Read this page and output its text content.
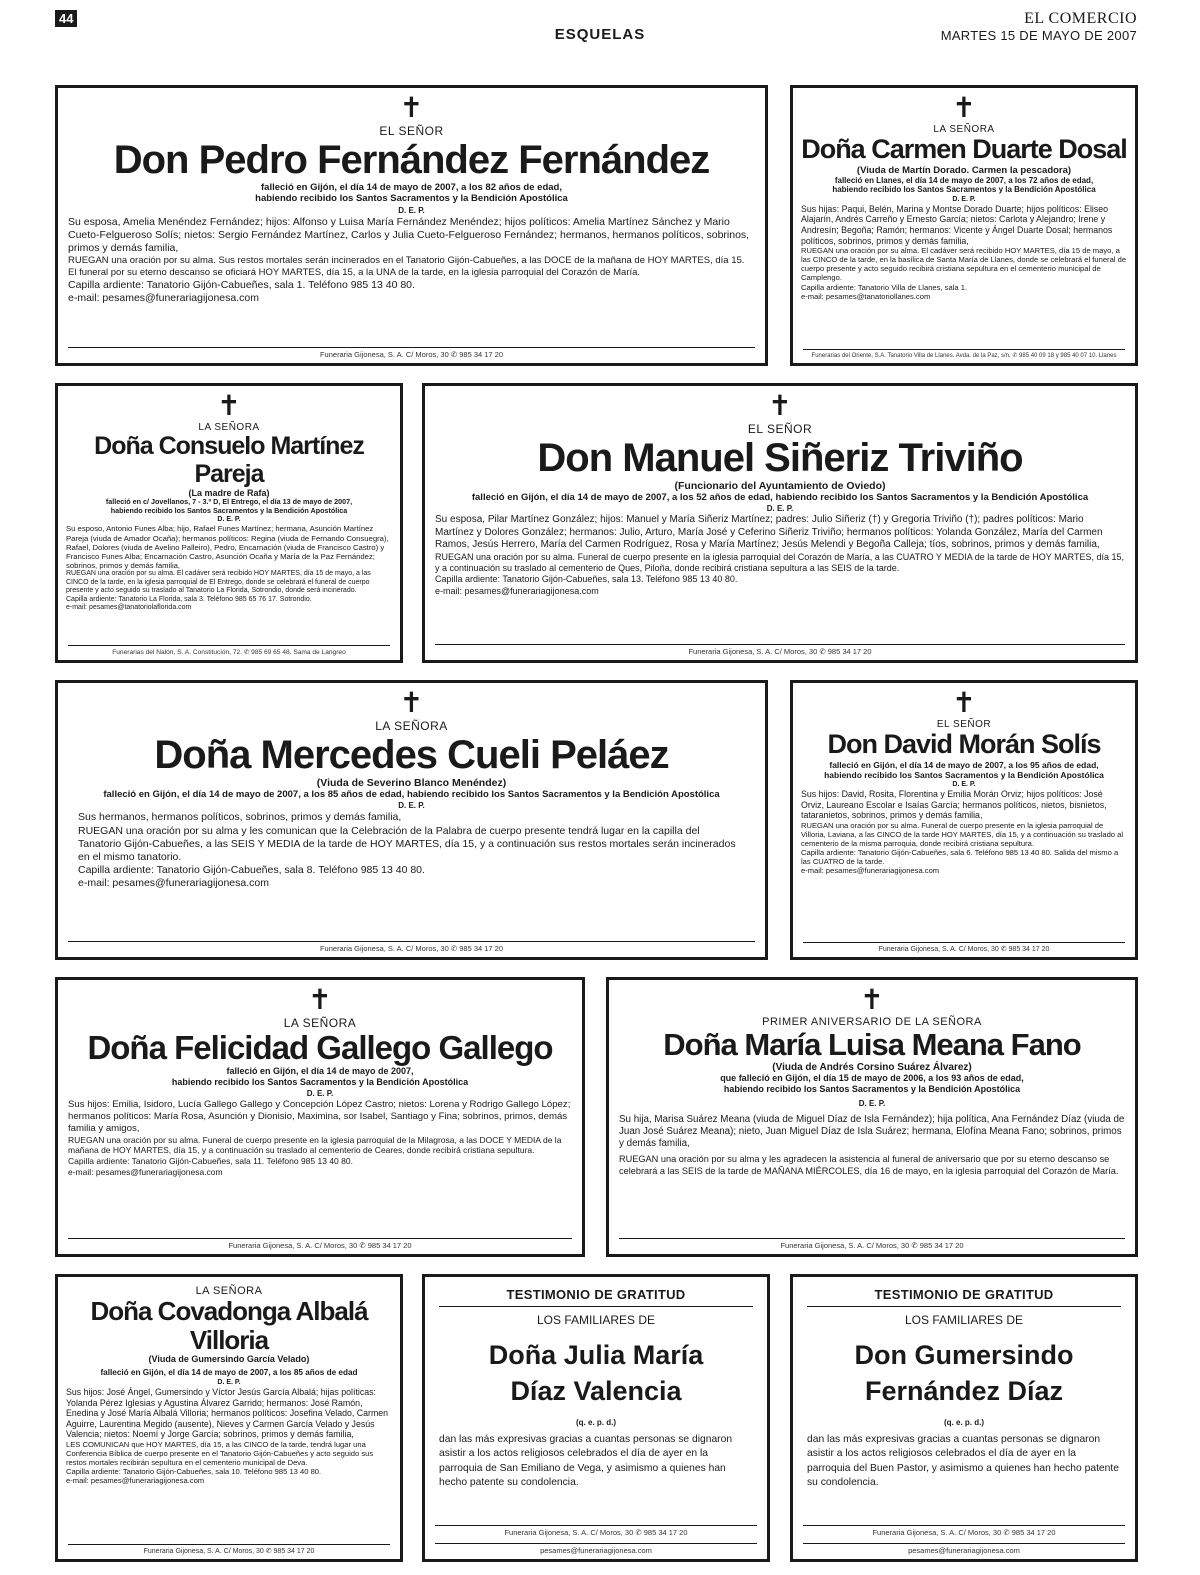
44
ESQUELAS
EL COMERCIO
MARTES 15 DE MAYO DE 2007
✝
EL SEÑOR
Don Pedro Fernández Fernández
falleció en Gijón, el día 14 de mayo de 2007, a los 82 años de edad,
habiendo recibido los Santos Sacramentos y la Bendición Apostólica
D. E. P.

Su esposa, Amelia Menéndez Fernández; hijos: Alfonso y Luisa María Fernández Menéndez; hijos políticos: Amelia Martínez Sánchez y Mario Cueto-Felgueroso Solís; nietos: Sergio Fernández Martínez, Carlos y Julia Cueto-Felgueroso Fernández; hermanos, hermanos políticos, sobrinos, primos y demás familia,

RUEGAN una oración por su alma. Sus restos mortales serán incinerados en el Tanatorio Gijón-Cabueñes, a las DOCE de la mañana de HOY MARTES, día 15. El funeral por su eterno descanso se oficiará HOY MARTES, día 15, a la UNA de la tarde, en la iglesia parroquial del Corazón de María.

Capilla ardiente: Tanatorio Gijón-Cabueñes, sala 1. Teléfono 985 13 40 80.

e-mail: pesames@funerariagijonesa.com

Funeraria Gijonesa, S. A. C/ Moros, 30 ✆ 985 34 17 20
✝
LA SEÑORA
Doña Carmen Duarte Dosal
(Viuda de Martín Dorado. Carmen la pescadora)
falleció en Llanes, el día 14 de mayo de 2007, a los 72 años de edad,
habiendo recibido los Santos Sacramentos y la Bendición Apostólica
D. E. P.

Sus hijas: Paqui, Belén, Marina y Montse Dorado Duarte; hijos políticos: Eliseo Alajarín, Andrés Carreño y Ernesto García; nietos: Carlota y Alejandro; Irene y Andresín; Begoña; Ramón; hermanos: Vicente y Ángel Duarte Dosal; hermanos políticos, sobrinos, primos y demás familia,

RUEGAN una oración por su alma. El cadáver será recibido HOY MARTES, día 15 de mayo, a las CINCO de la tarde, en la basílica de Santa María de Llanes, donde se celebrará el funeral de cuerpo presente y acto seguido recibirá cristiana sepultura en el cementerio municipal de Camplengo.

Capilla ardiente: Tanatorio Villa de Llanes, sala 1.

e-mail: pesames@tanatoriollanes.com

Funerarias del Oriente, S.A. Tanatorio Villa de Llanes. Avda. de la Paz, s/n. ✆ 985 40 09 18 y 985 40 07 10. Llanes
✝
LA SEÑORA
Doña Consuelo Martínez Pareja
(La madre de Rafa)
falleció en c/ Jovellanos, 7 - 3.º D, El Entrego, el día 13 de mayo de 2007,
habiendo recibido los Santos Sacramentos y la Bendición Apostólica
D. E. P.

Su esposo, Antonio Funes Alba; hijo, Rafael Funes Martínez; hermana, Asunción Martínez Pareja (viuda de Amador Ocaña); hermanos políticos: Regina (viuda de Fernando Consuegra), Rafael, Dolores (viuda de Avelino Palleiro), Pedro, Encarnación (viuda de Francisco Castro) y Francisco Funes Alba; Encarnación Castro, Asunción Ocaña y María de la Paz Fernández; sobrinos, primos y demás familia,

RUEGAN una oración por su alma. El cadáver será recibido HOY MARTES, día 15 de mayo, a las CINCO de la tarde, en la iglesia parroquial de El Entrego, donde se celebrará el funeral de cuerpo presente y acto seguido su traslado al Tanatorio La Florida, Sotrondio, donde será incinerado.

Capilla ardiente: Tanatorio La Florida, sala 3. Teléfono 985 65 76 17. Sotrondio.

e-mail: pesames@tanatoriolaflorida.com

Funerarias del Nalón, S. A. Constitución, 72. ✆ 985 69 65 48. Sama de Langreo
✝
EL SEÑOR
Don Manuel Siñeriz Triviño
(Funcionario del Ayuntamiento de Oviedo)
falleció en Gijón, el día 14 de mayo de 2007, a los 52 años de edad, habiendo recibido los Santos Sacramentos y la Bendición Apostólica
D. E. P.

Su esposa, Pilar Martínez González; hijos: Manuel y María Siñeriz Martínez; padres: Julio Siñeriz (†) y Gregoria Triviño (†); padres políticos: Mario Martínez y Dolores González; hermanos: Julio, Arturo, María José y Ceferino Siñeriz Triviño; hermanos políticos: Yolanda González, María del Carmen Ramos, Jesús Herrero, María del Carmen Rodríguez, Rosa y María Martínez; Jesús Melendi y Begoña Calleja; tíos, sobrinos, primos y demás familia,

RUEGAN una oración por su alma. Funeral de cuerpo presente en la iglesia parroquial del Corazón de María, a las CUATRO Y MEDIA de la tarde de HOY MARTES, día 15, y a continuación su traslado al cementerio de Ques, Piloña, donde recibirá cristiana sepultura a las SEIS de la tarde.

Capilla ardiente: Tanatorio Gijón-Cabueñes, sala 13. Teléfono 985 13 40 80.

e-mail: pesames@funerariagijonesa.com

Funeraria Gijonesa, S. A. C/ Moros, 30 ✆ 985 34 17 20
✝
LA SEÑORA
Doña Mercedes Cueli Peláez
(Viuda de Severino Blanco Menéndez)
falleció en Gijón, el día 14 de mayo de 2007, a los 85 años de edad, habiendo recibido los Santos Sacramentos y la Bendición Apostólica
D. E. P.

Sus hermanos, hermanos políticos, sobrinos, primos y demás familia,

RUEGAN una oración por su alma y les comunican que la Celebración de la Palabra de cuerpo presente tendrá lugar en la capilla del Tanatorio Gijón-Cabueñes, a las SEIS Y MEDIA de la tarde de HOY MARTES, día 15, y a continuación sus restos mortales serán incinerados en el mismo tanatorio.

Capilla ardiente: Tanatorio Gijón-Cabueñes, sala 8. Teléfono 985 13 40 80.

e-mail: pesames@funerariagijonesa.com

Funeraria Gijonesa, S. A. C/ Moros, 30 ✆ 985 34 17 20
✝
EL SEÑOR
Don David Morán Solís
falleció en Gijón, el día 14 de mayo de 2007, a los 95 años de edad,
habiendo recibido los Santos Sacramentos y la Bendición Apostólica
D. E. P.

Sus hijos: David, Rosita, Florentina y Emilia Morán Orviz; hijos políticos: José Orviz, Laureano Escolar e Isaías García; hermanos políticos, nietos, bisnietos, tataranietos, sobrinos, primos y demás familia,

RUEGAN una oración por su alma. Funeral de cuerpo presente en la iglesia parroquial de Villoria, Laviana, a las CINCO de la tarde HOY MARTES, día 15, y a continuación su traslado al cementerio de la misma parroquia, donde recibirá cristiana sepultura.

Capilla ardiente: Tanatorio Gijón-Cabueñes, sala 6. Teléfono 985 13 40 80. Salida del mismo a las CUATRO de la tarde.

e-mail: pesames@funerariagijonesa.com

Funeraria Gijonesa, S. A. C/ Moros, 30 ✆ 985 34 17 20
✝
LA SEÑORA
Doña Felicidad Gallego Gallego
falleció en Gijón, el día 14 de mayo de 2007,
habiendo recibido los Santos Sacramentos y la Bendición Apostólica
D. E. P.

Sus hijos: Emilia, Isidoro, Lucía Gallego Gallego y Concepción López Castro; nietos: Lorena y Rodrigo Gallego López; hermanos políticos: María Rosa, Asunción y Dionisio, Maximina, sor Isabel, Santiago y Fina; sobrinos, primos, demás familia y amigos,

RUEGAN una oración por su alma. Funeral de cuerpo presente en la iglesia parroquial de la Milagrosa, a las DOCE Y MEDIA de la mañana de HOY MARTES, día 15, y a continuación su traslado al cementerio de Ceares, donde recibirá cristiana sepultura.

Capilla ardiente: Tanatorio Gijón-Cabueñes, sala 11. Teléfono 985 13 40 80.

e-mail: pesames@funerariagijonesa.com

Funeraria Gijonesa, S. A. C/ Moros, 30 ✆ 985 34 17 20
✝
PRIMER ANIVERSARIO DE LA SEÑORA
Doña María Luisa Meana Fano
(Viuda de Andrés Corsino Suárez Álvarez)
que falleció en Gijón, el día 15 de mayo de 2006, a los 93 años de edad,
habiendo recibido los Santos Sacramentos y la Bendición Apostólica
D. E. P.

Su hija, Marisa Suárez Meana (viuda de Miguel Díaz de Isla Fernández); hija política, Ana Fernández Díaz (viuda de Juan José Suárez Meana); nieto, Juan Miguel Díaz de Isla Suárez; hermana, Elofína Meana Fano; sobrinos, primos y demás familia,

RUEGAN una oración por su alma y les agradecen la asistencia al funeral de aniversario que por su eterno descanso se celebrará a las SEIS de la tarde de MAÑANA MIÉRCOLES, día 16 de mayo, en la iglesia parroquial del Corazón de María.

Funeraria Gijonesa, S. A. C/ Moros, 30 ✆ 985 34 17 20
LA SEÑORA
Doña Covadonga Albalá Villoria
(Viuda de Gumersindo García Velado)
falleció en Gijón, el día 14 de mayo de 2007, a los 85 años de edad
D. E. P.

Sus hijos: José Ángel, Gumersindo y Víctor Jesús García Albalá; hijas políticas: Yolanda Pérez Iglesias y Agustina Álvarez Garrido; hermanos: José Ramón, Enedina y José María Albalá Villoria; hermanos políticos: Josefina Velado, Carmen Aguirre, Laurentina Megido (ausente), Nieves y Carmen García Velado y Jesús Valencia; nietos: Noemí y Jorge García; sobrinos, primos y demás familia,

LES COMUNICAN que HOY MARTES, día 15, a las CINCO de la tarde, tendrá lugar una Conferencia Bíblica de cuerpo presente en el Tanatorio Gijón-Cabueñes y acto seguido sus restos mortales recibirán sepultura en el cementerio municipal de Deva.

Capilla ardiente: Tanatorio Gijón-Cabueñes, sala 10. Teléfono 985 13 40 80.

e-mail: pesames@funerariagijonesa.com

Funeraria Gijonesa, S. A. C/ Moros, 30 ✆ 985 34 17 20
TESTIMONIO DE GRATITUD
LOS FAMILIARES DE
Doña Julia María
Díaz Valencia
(q. e. p. d.)
dan las más expresivas gracias a cuantas personas se dignaron asistir a los actos religiosos celebrados el día de ayer en la parroquia de San Emiliano de Vega, y asimismo a quienes han hecho patente su condolencia.
Funeraria Gijonesa, S. A. C/ Moros, 30 ✆ 985 34 17 20
pesames@funerariagijonesa.com
TESTIMONIO DE GRATITUD
LOS FAMILIARES DE
Don Gumersindo
Fernández Díaz
(q. e. p. d.)
dan las más expresivas gracias a cuantas personas se dignaron asistir a los actos religiosos celebrados el día de ayer en la parroquia del Buen Pastor, y asimismo a quienes han hecho patente su condolencia.
Funeraria Gijonesa, S. A. C/ Moros, 30 ✆ 985 34 17 20
pesames@funerariagijonesa.com
